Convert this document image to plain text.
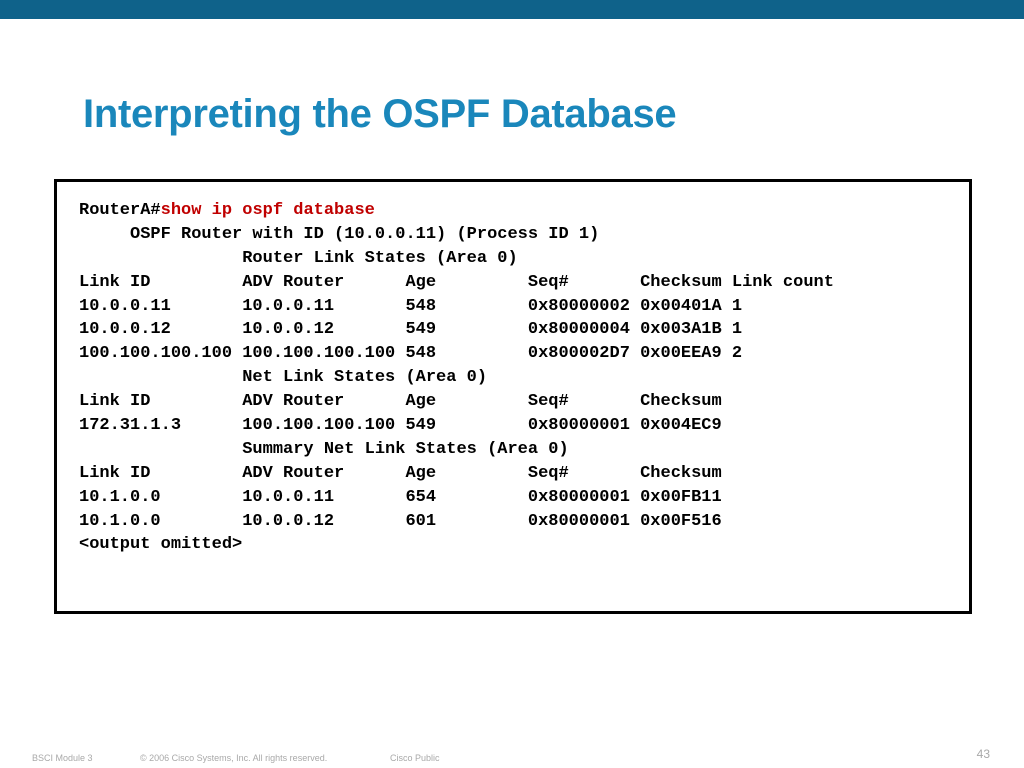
Interpreting the OSPF Database
RouterA#show ip ospf database
OSPF Router with ID (10.0.0.11) (Process ID 1)
Router Link States (Area 0)
Link ID         ADV Router      Age         Seq#       Checksum Link count
10.0.0.11       10.0.0.11       548         0x80000002 0x00401A 1
10.0.0.12       10.0.0.12       549         0x80000004 0x003A1B 1
100.100.100.100 100.100.100.100 548         0x800002D7 0x00EEA9 2
Net Link States (Area 0)
Link ID         ADV Router      Age         Seq#       Checksum
172.31.1.3      100.100.100.100 549         0x80000001 0x004EC9
Summary Net Link States (Area 0)
Link ID         ADV Router      Age         Seq#       Checksum
10.1.0.0        10.0.0.11       654         0x80000001 0x00FB11
10.1.0.0        10.0.0.12       601         0x80000001 0x00F516
<output omitted>
BSCI Module 3	© 2006 Cisco Systems, Inc. All rights reserved.	Cisco Public	43
